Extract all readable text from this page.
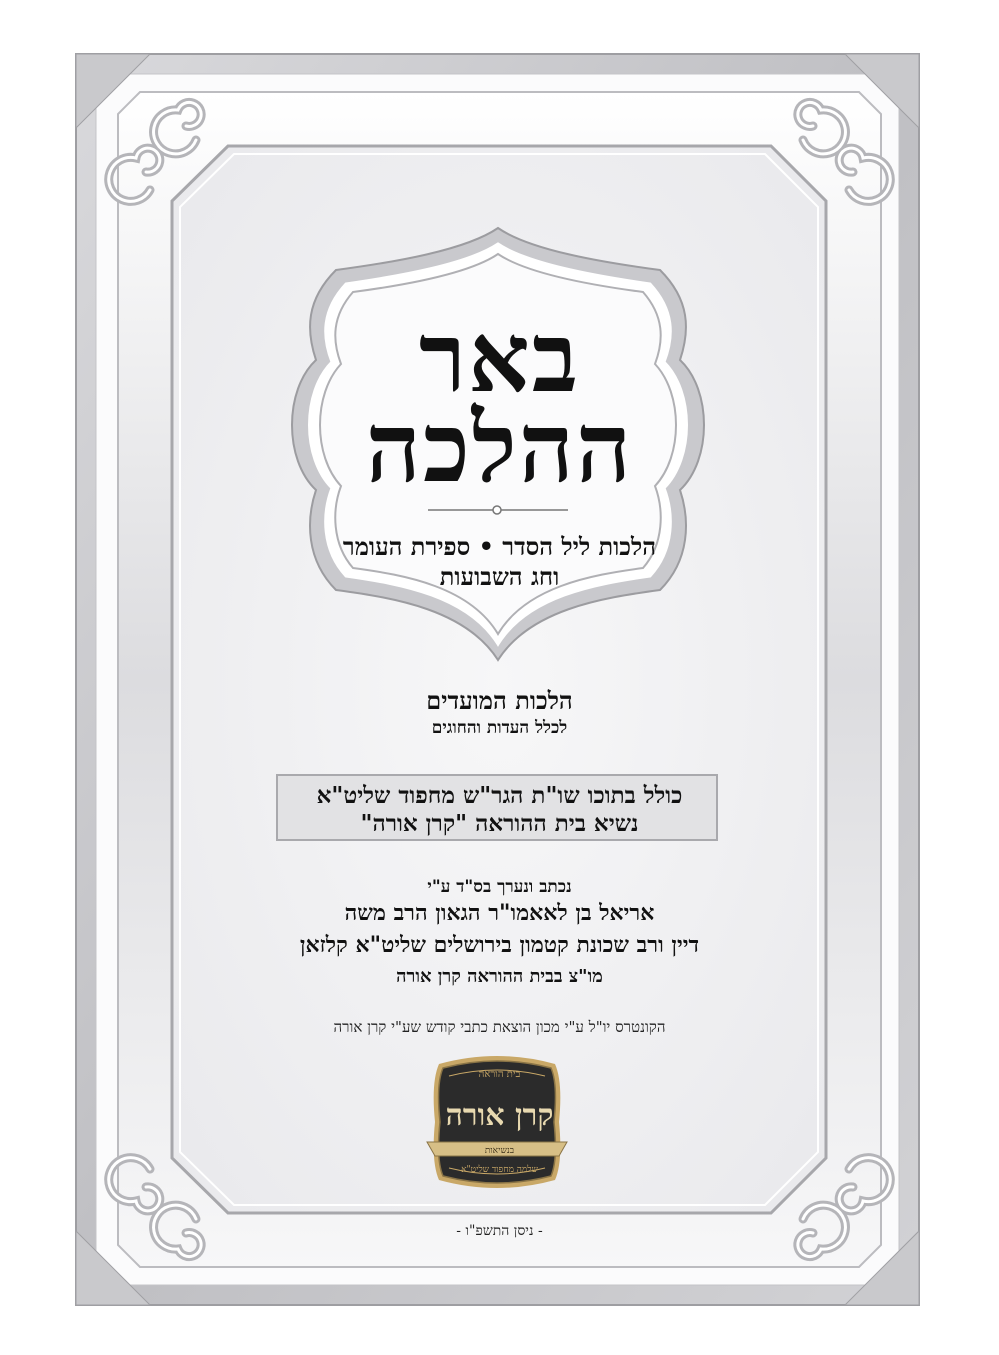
באר
ההלכה
הלכות ליל הסדר • ספירת העומר
וחג השבועות
הלכות המועדים
לכלל העדות והחוגים
כולל בתוכו שו"ת הגר"ש מחפוד שליט"א
נשיא בית ההוראה "קרן אורה"
נכתב ונערך בס"ד ע"י
אריאל בן לאאמו"ר הגאון הרב משה
דיין ורב שכונת קטמון בירושלים שליט"א קלזאן
מו"צ בבית ההוראה קרן אורה
הקונטרס יו"ל ע"י מכון הוצאת כתבי קודש שע"י קרן אורה
בית הוראה
קרן אורה
בנשיאות
שלמה מחפוד שליט"א
- ניסן התשפ"ו -
